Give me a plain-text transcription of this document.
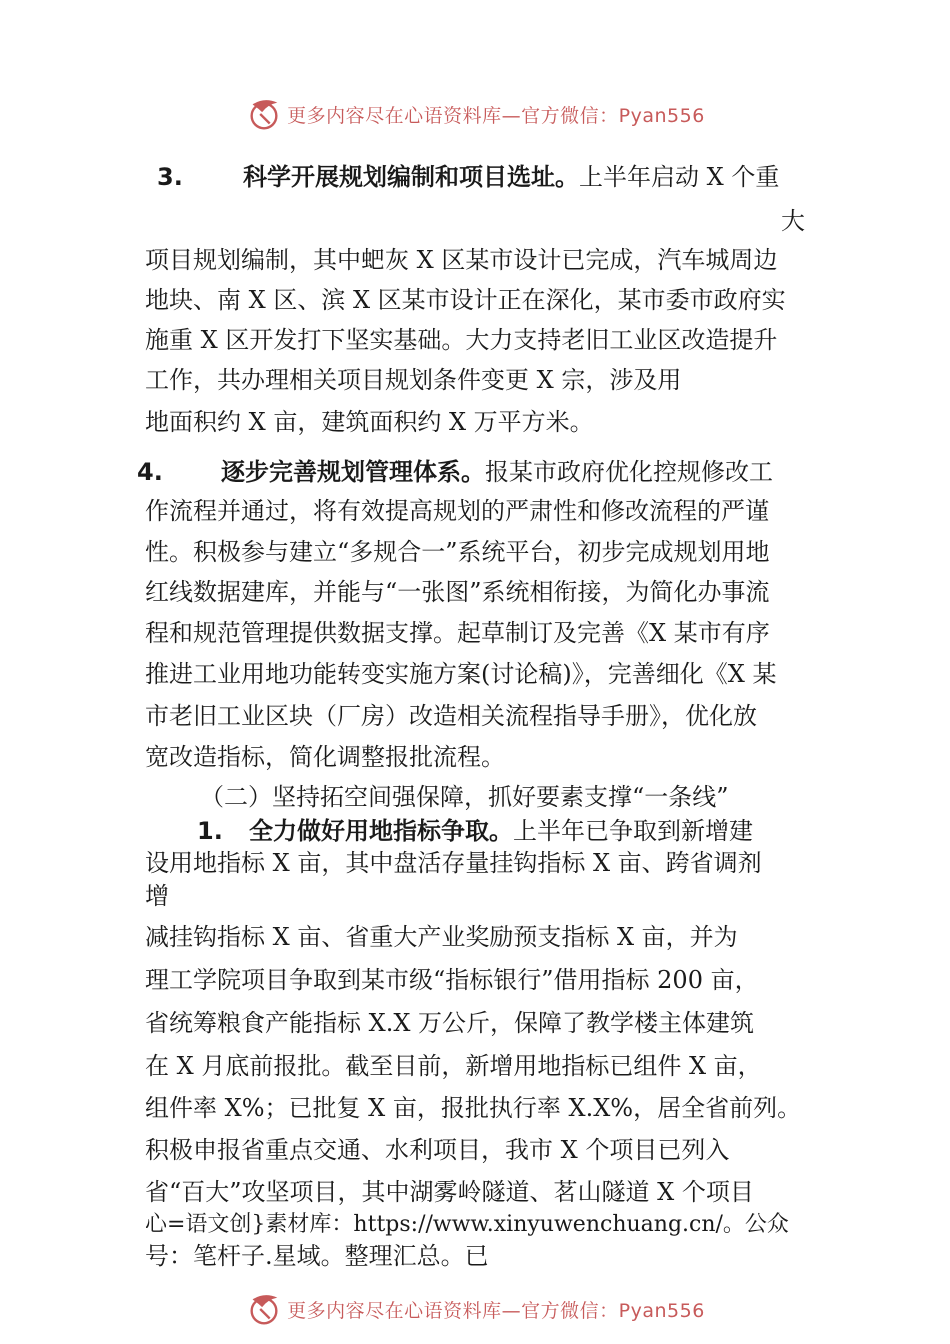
更多内容尽在心语资料库—官方微信：Pyan556
3.	科学开展规划编制和项目选址。上半年启动 X 个重
大
项目规划编制，其中蚆灰 X 区某市设计已完成，汽车城周边
地块、南 X 区、滨 X 区某市设计正在深化，某市委市政府实
施重 X 区开发打下坚实基础。大力支持老旧工业区改造提升
工作，共办理相关项目规划条件变更 X 宗，涉及用
地面积约 X 亩，建筑面积约 X 万平方米。
4. 逐步完善规划管理体系。报某市政府优化控规修改工
作流程并通过，将有效提高规划的严肃性和修改流程的严谨
性。积极参与建立“多规合一”系统平台，初步完成规划用地
红线数据建库，并能与“一张图”系统相衔接，为简化办事流
程和规范管理提供数据支撑。起草制订及完善《X 某市有序
推进工业用地功能转变实施方案(讨论稿)》，完善细化《X 某
市老旧工业区块（厂房）改造相关流程指导手册》，优化放
宽改造指标，简化调整报批流程。
（二）坚持拓空间强保障，抓好要素支撑“一条线”
1. 全力做好用地指标争取。上半年已争取到新增建
设用地指标 X 亩，其中盘活存量挂钩指标 X 亩、跨省调剂
增
减挂钩指标 X 亩、省重大产业奖励预支指标 X 亩，并为
理工学院项目争取到某市级“指标银行”借用指标 200 亩，
省统筹粮食产能指标 X.X 万公斤，保障了教学楼主体建筑
在 X 月底前报批。截至目前，新增用地指标已组件 X 亩，
组件率 X%；已批复 X 亩，报批执行率 X.X%，居全省前列。
积极申报省重点交通、水利项目，我市 X 个项目已列入
省“百大”攻坚项目，其中湖雾岭隧道、茗山隧道 X 个项目
心=语文创}素材库：https://www.xinyuwenchuang.cn/。公众
号：笔杆子.星域。整理汇总。已
更多内容尽在心语资料库—官方微信：Pyan556
